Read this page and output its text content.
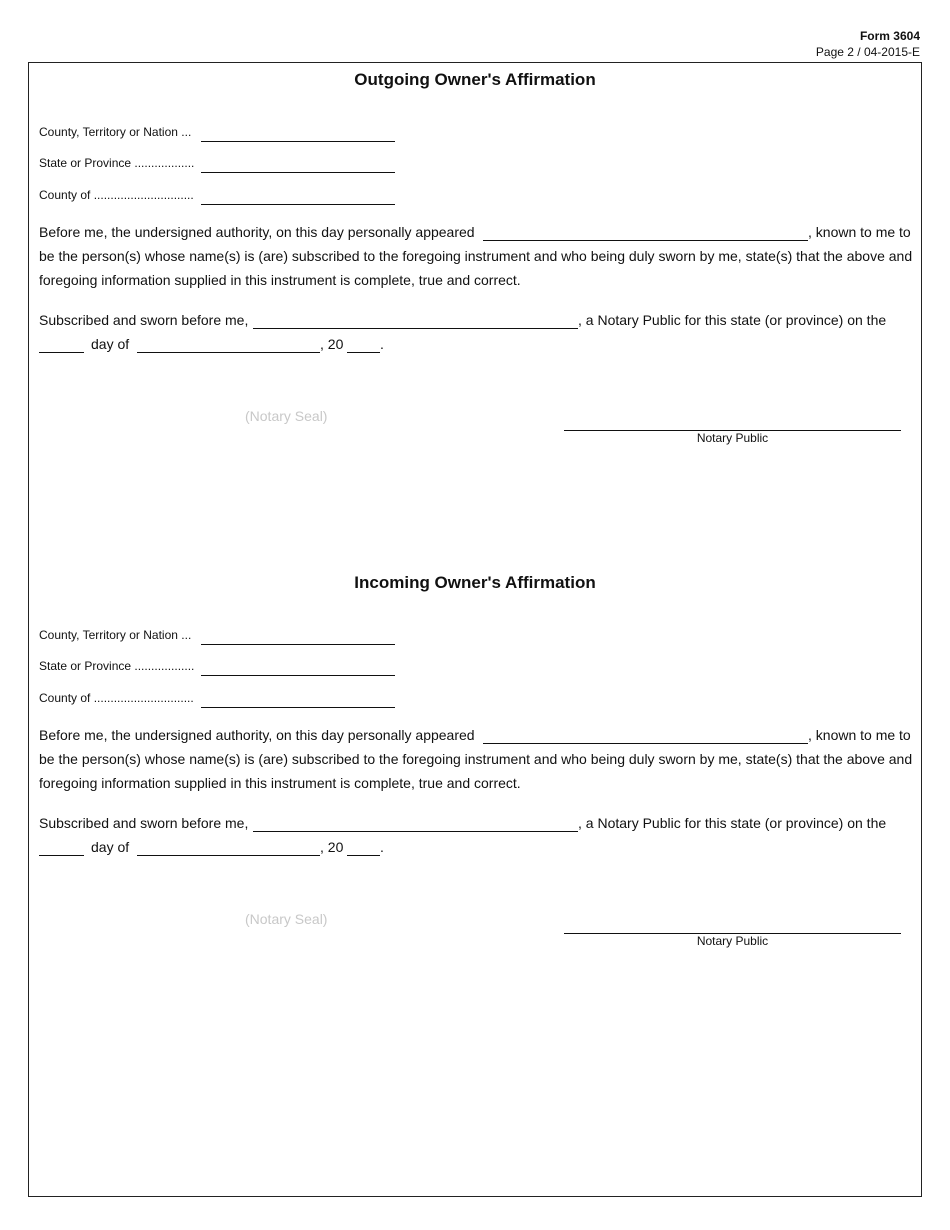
Form 3604
Page 2 / 04-2015-E
Outgoing Owner's Affirmation
County, Territory or Nation ...
State or Province ..................
County of ..............................
Before me, the undersigned authority, on this day personally appeared	, known to me to
be the person(s) whose name(s) is (are) subscribed to the foregoing instrument and who being duly sworn by me, state(s) that the above and
foregoing information supplied in this instrument is complete, true and correct.
Subscribed and sworn before me,	, a Notary Public for this state (or province) on the
day of	, 20	.
(Notary Seal)
Notary Public
Incoming Owner's Affirmation
County, Territory or Nation ...
State or Province ..................
County of ..............................
Before me, the undersigned authority, on this day personally appeared	, known to me to
be the person(s) whose name(s) is (are) subscribed to the foregoing instrument and who being duly sworn by me, state(s) that the above and
foregoing information supplied in this instrument is complete, true and correct.
Subscribed and sworn before me,	, a Notary Public for this state (or province) on the
day of	, 20	.
(Notary Seal)
Notary Public
